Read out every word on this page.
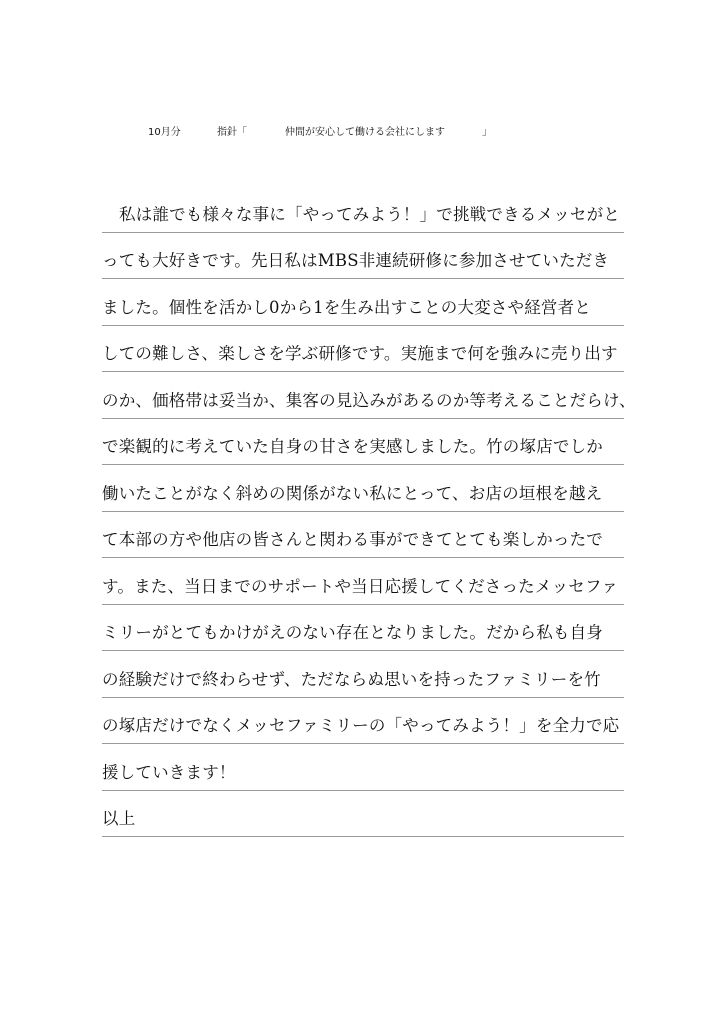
10月分	指針「	仲間が安心して働ける会社にします	」
私は誰でも様々な事に「やってみよう！」で挑戦できるメッセがと
っても大好きです。先日私はMBS非連続研修に参加させていただき
ました。個性を活かし0から1を生み出すことの大変さや経営者と
しての難しさ、楽しさを学ぶ研修です。実施まで何を強みに売り出す
のか、価格帯は妥当か、集客の見込みがあるのか等考えることだらけ、
で楽観的に考えていた自身の甘さを実感しました。竹の塚店でしか
働いたことがなく斜めの関係がない私にとって、お店の垣根を越え
て本部の方や他店の皆さんと関わる事ができてとても楽しかったで
す。また、当日までのサポートや当日応援してくださったメッセファ
ミリーがとてもかけがえのない存在となりました。だから私も自身
の経験だけで終わらせず、ただならぬ思いを持ったファミリーを竹
の塚店だけでなくメッセファミリーの「やってみよう！」を全力で応
援していきます！
以上
